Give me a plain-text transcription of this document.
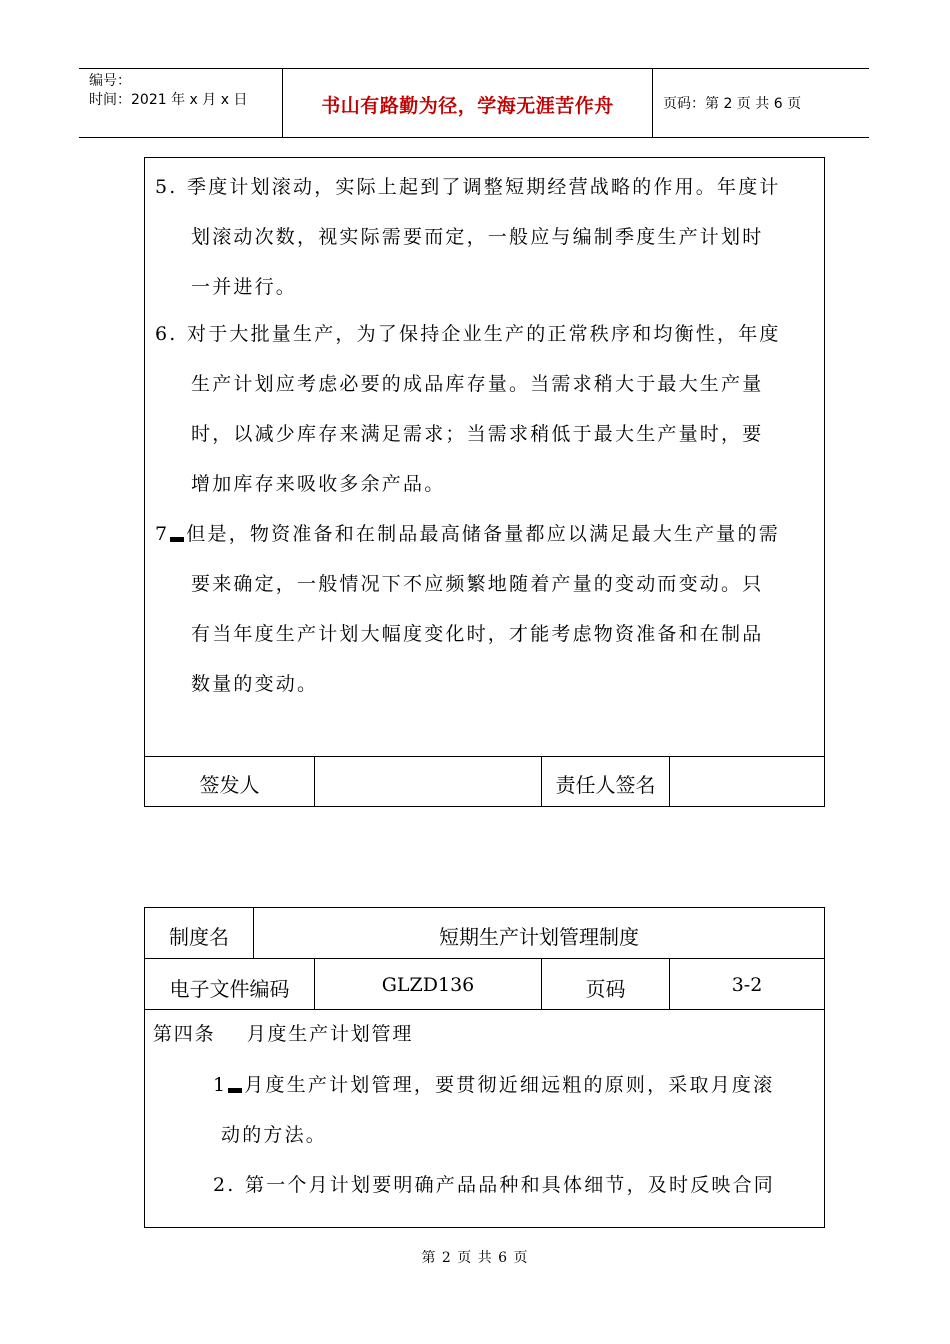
编号：
时间：2021 年 x 月 x 日	书山有路勤为径，学海无涯苦作舟	页码：第 2 页 共 6 页
5. 季度计划滚动，实际上起到了调整短期经营战略的作用。年度计
划滚动次数，视实际需要而定，一般应与编制季度生产计划时
一并进行。
6. 对于大批量生产，为了保持企业生产的正常秩序和均衡性，年度
生产计划应考虑必要的成品库存量。当需求稍大于最大生产量
时，以减少库存来满足需求；当需求稍低于最大生产量时，要
增加库存来吸收多余产品。
7 但是，物资准备和在制品最高储备量都应以满足最大生产量的需
要来确定，一般情况下不应频繁地随着产量的变动而变动。只
有当年度生产计划大幅度变化时，才能考虑物资准备和在制品
数量的变动。
签发人	责任人签名
制度名	短期生产计划管理制度
电子文件编码	GLZD136	页码	3-2
第四条    月度生产计划管理
1 月度生产计划管理，要贯彻近细远粗的原则，采取月度滚
动的方法。
2. 第一个月计划要明确产品品种和具体细节，及时反映合同
第 2 页 共 6 页
